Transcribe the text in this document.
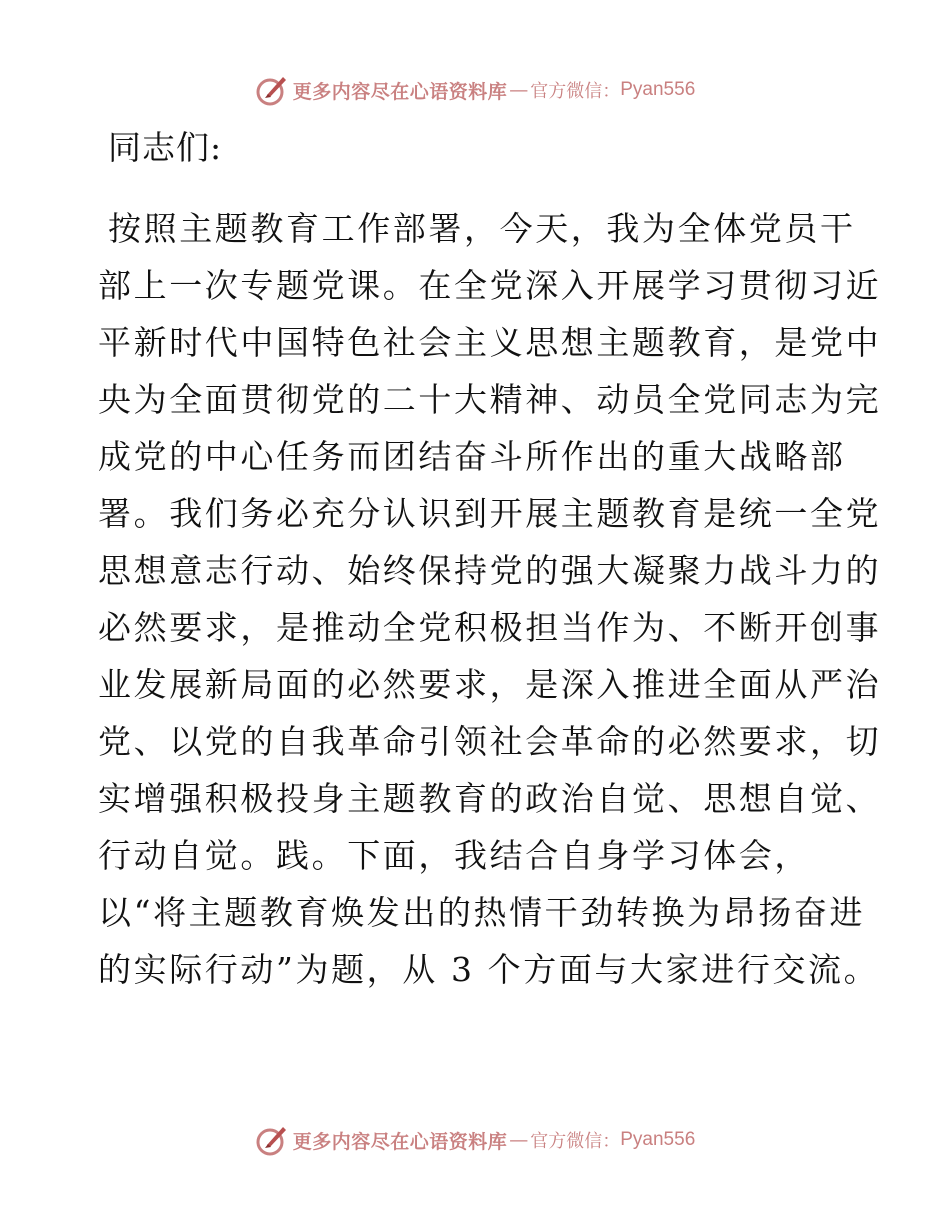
更多内容尽在心语资料库 — 官方微信： Pyan556
同志们:
按照主题教育工作部署，今天，我为全体党员干
部上一次专题党课。在全党深入开展学习贯彻习近
平新时代中国特色社会主义思想主题教育，是党中
央为全面贯彻党的二十大精神、动员全党同志为完
成党的中心任务而团结奋斗所作出的重大战略部
署。我们务必充分认识到开展主题教育是统一全党
思想意志行动、始终保持党的强大凝聚力战斗力的
必然要求，是推动全党积极担当作为、不断开创事
业发展新局面的必然要求，是深入推进全面从严治
党、以党的自我革命引领社会革命的必然要求，切
实增强积极投身主题教育的政治自觉、思想自觉、
行动自觉。践。下面，我结合自身学习体会，
以“将主题教育焕发出的热情干劲转换为昂扬奋进
的实际行动”为题，从 3 个方面与大家进行交流。
更多内容尽在心语资料库 — 官方微信： Pyan556
